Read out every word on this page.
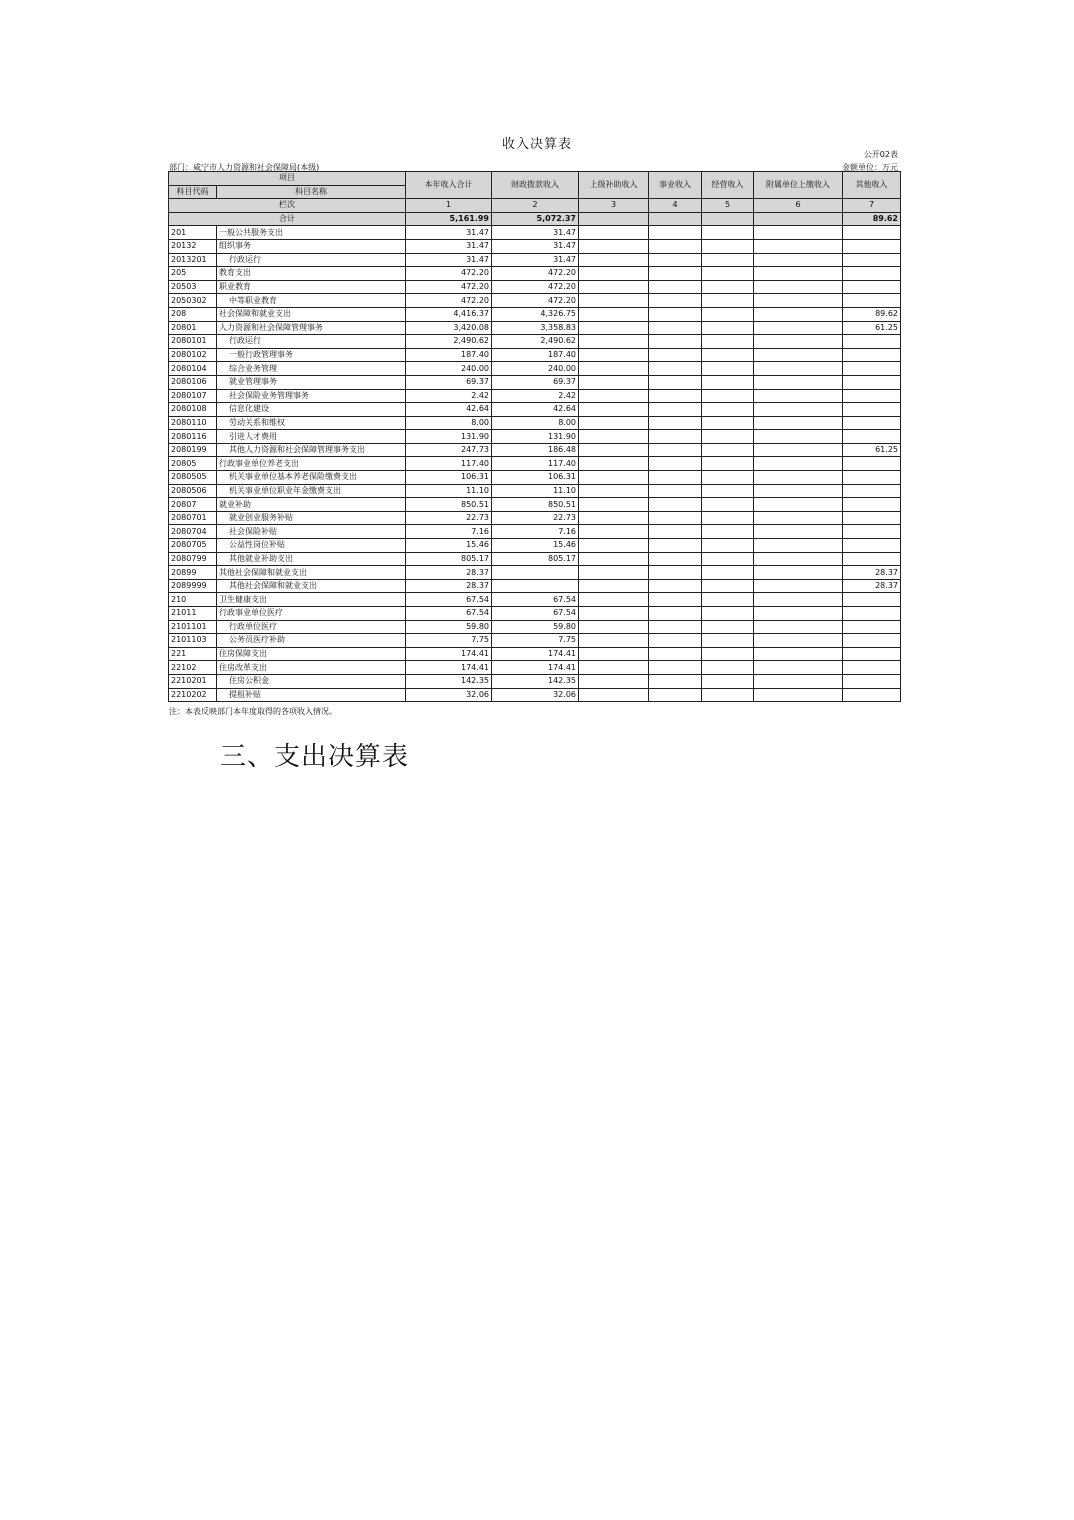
收入决算表
公开02表
部门：咸宁市人力资源和社会保障局(本级)	金额单位：万元
项目		本年收入合计	财政拨款收入	上级补助收入	事业收入	经营收入	附属单位上缴收入	其他收入
科目代码	科目名称							
栏次		1	2	3	4	5	6	7
合计		5,161.99	5,072.37					89.62
201	一般公共服务支出	31.47	31.47					
20132	组织事务	31.47	31.47					
2013201	行政运行	31.47	31.47					
205	教育支出	472.20	472.20					
20503	职业教育	472.20	472.20					
2050302	中等职业教育	472.20	472.20					
208	社会保障和就业支出	4,416.37	4,326.75					89.62
20801	人力资源和社会保障管理事务	3,420.08	3,358.83					61.25
2080101	行政运行	2,490.62	2,490.62					
2080102	一般行政管理事务	187.40	187.40					
2080104	综合业务管理	240.00	240.00					
2080106	就业管理事务	69.37	69.37					
2080107	社会保险业务管理事务	2.42	2.42					
2080108	信息化建设	42.64	42.64					
2080110	劳动关系和维权	8.00	8.00					
2080116	引进人才费用	131.90	131.90					
2080199	其他人力资源和社会保障管理事务支出	247.73	186.48					61.25
20805	行政事业单位养老支出	117.40	117.40					
2080505	机关事业单位基本养老保险缴费支出	106.31	106.31					
2080506	机关事业单位职业年金缴费支出	11.10	11.10					
20807	就业补助	850.51	850.51					
2080701	就业创业服务补贴	22.73	22.73					
2080704	社会保险补贴	7.16	7.16					
2080705	公益性岗位补贴	15.46	15.46					
2080799	其他就业补助支出	805.17	805.17					
20899	其他社会保障和就业支出	28.37						28.37
2089999	其他社会保障和就业支出	28.37						28.37
210	卫生健康支出	67.54	67.54					
21011	行政事业单位医疗	67.54	67.54					
2101101	行政单位医疗	59.80	59.80					
2101103	公务员医疗补助	7.75	7.75					
221	住房保障支出	174.41	174.41					
22102	住房改革支出	174.41	174.41					
2210201	住房公积金	142.35	142.35					
2210202	提租补贴	32.06	32.06					
注：本表反映部门本年度取得的各项收入情况。
三、支出决算表
